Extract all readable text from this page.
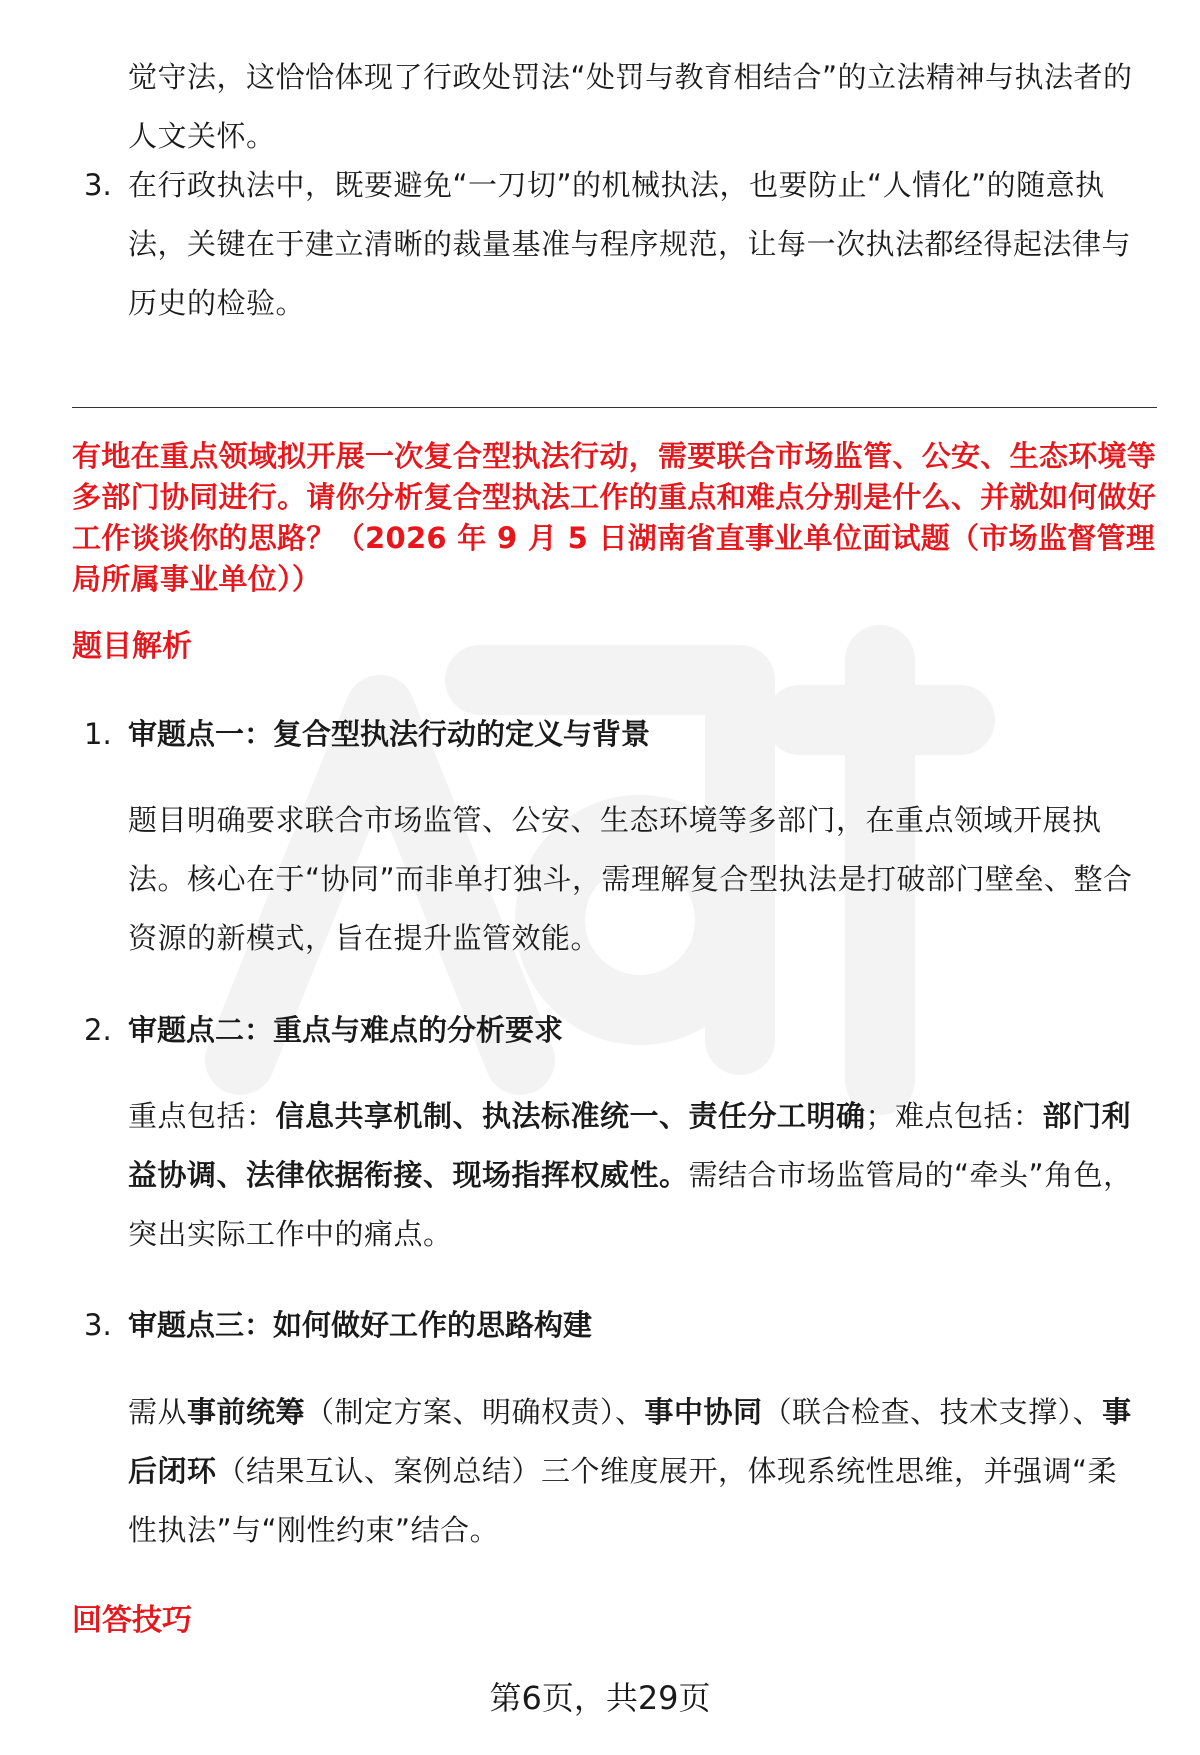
觉守法，这恰恰体现了行政处罚法“处罚与教育相结合”的立法精神与执法者的人文关怀。

3. 在行政执法中，既要避免“一刀切”的机械执法，也要防止“人情化”的随意执法，关键在于建立清晰的裁量基准与程序规范，让每一次执法都经得起法律与历史的检验。

有地在重点领域拟开展一次复合型执法行动，需要联合市场监管、公安、生态环境等多部门协同进行。请你分析复合型执法工作的重点和难点分别是什么、并就如何做好工作谈谈你的思路？（2026 年 9 月 5 日湖南省直事业单位面试题（市场监督管理局所属事业单位））

题目解析
1. 审题点一：复合型执法行动的定义与背景

题目明确要求联合市场监管、公安、生态环境等多部门，在重点领域开展执法。核心在于“协同”而非单打独斗，需理解复合型执法是打破部门壁垒、整合资源的新模式，旨在提升监管效能。

2. 审题点二：重点与难点的分析要求

重点包括：信息共享机制、执法标准统一、责任分工明确；难点包括：部门利益协调、法律依据衔接、现场指挥权威性。需结合市场监管局的“牵头”角色，突出实际工作中的痛点。

3. 审题点三：如何做好工作的思路构建

需从事前统筹（制定方案、明确权责）、事中协同（联合检查、技术支撑）、事后闭环（结果互认、案例总结）三个维度展开，体现系统性思维，并强调“柔性执法”与“刚性约束”结合。

回答技巧
第6页，共29页
